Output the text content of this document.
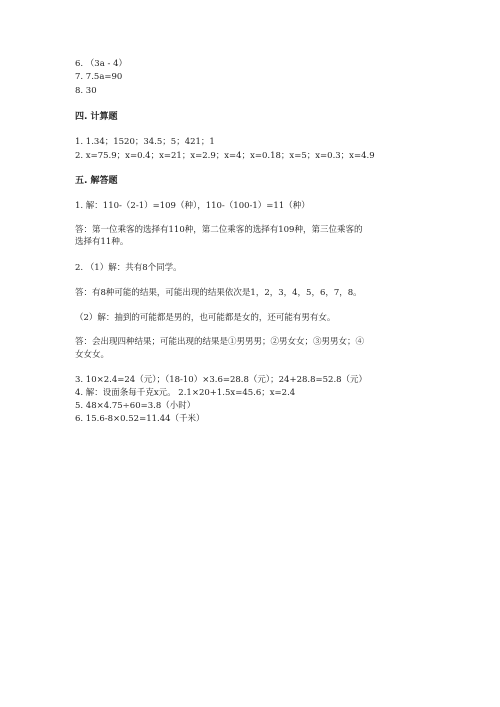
6. （3a - 4）
7. 7.5a=90
8. 30
四. 计算题
1. 1.34；1520；34.5；5；421；1
2. x=75.9；x=0.4；x=21；x=2.9；x=4；x=0.18；x=5；x=0.3；x=4.9
五. 解答题
1. 解：110-（2-1）=109（种），110-（100-1）=11（种）
答：第一位乘客的选择有110种，第二位乘客的选择有109种，第三位乘客的
选择有11种。
2. （1）解：共有8个同学。
答：有8种可能的结果，可能出现的结果依次是1，2，3，4，5，6，7，8。
（2）解：抽到的可能都是男的，也可能都是女的，还可能有男有女。
答：会出现四种结果；可能出现的结果是①男男男；②男女女；③男男女；④
女女女。
3. 10×2.4=24（元）；（18-10）×3.6=28.8（元）；24+28.8=52.8（元）
4. 解：设面条每千克x元。 2.1×20+1.5x=45.6；x=2.4
5. 48×4.75÷60=3.8（小时）
6. 15.6-8×0.52=11.44（千米）
